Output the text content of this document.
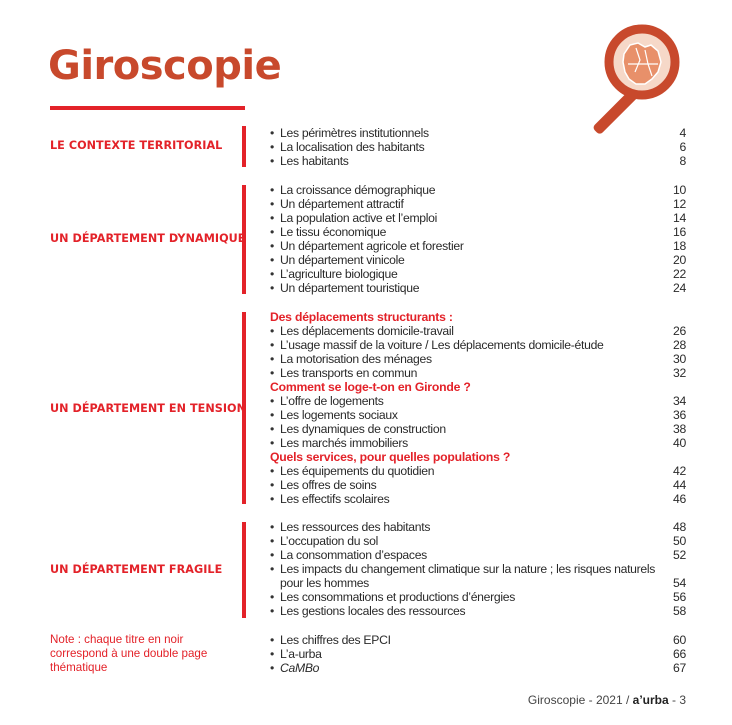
Giroscopie

LE CONTEXTE TERRITORIAL

• Les périmètres institutionnels	4
• La localisation des habitants	6
• Les habitants	8

UN DÉPARTEMENT DYNAMIQUE

• La croissance démographique	10
• Un département attractif	12
• La population active et l’emploi	14
• Le tissu économique	16
• Un département agricole et forestier	18
• Un département vinicole	20
• L’agriculture biologique	22
• Un département touristique	24

UN DÉPARTEMENT EN TENSION

Des déplacements structurants :
• Les déplacements domicile-travail	26
• L’usage massif de la voiture / Les déplacements domicile-étude	28
• La motorisation des ménages	30
• Les transports en commun	32
Comment se loge-t-on en Gironde ?
• L’offre de logements	34
• Les logements sociaux	36
• Les dynamiques de construction	38
• Les marchés immobiliers	40
Quels services, pour quelles populations ?
• Les équipements du quotidien	42
• Les offres de soins	44
• Les effectifs scolaires	46

UN DÉPARTEMENT FRAGILE

• Les ressources des habitants	48
• L’occupation du sol	50
• La consommation d’espaces	52
• Les impacts du changement climatique sur la nature ; les risques naturels pour les hommes	54
• Les consommations et productions d’énergies	56
• Les gestions locales des ressources	58

Note : chaque titre en noir correspond à une double page thématique

• Les chiffres des EPCI	60
• L’a-urba	66
• CaMBo	67
Giroscopie - 2021 / a’urba - 3
